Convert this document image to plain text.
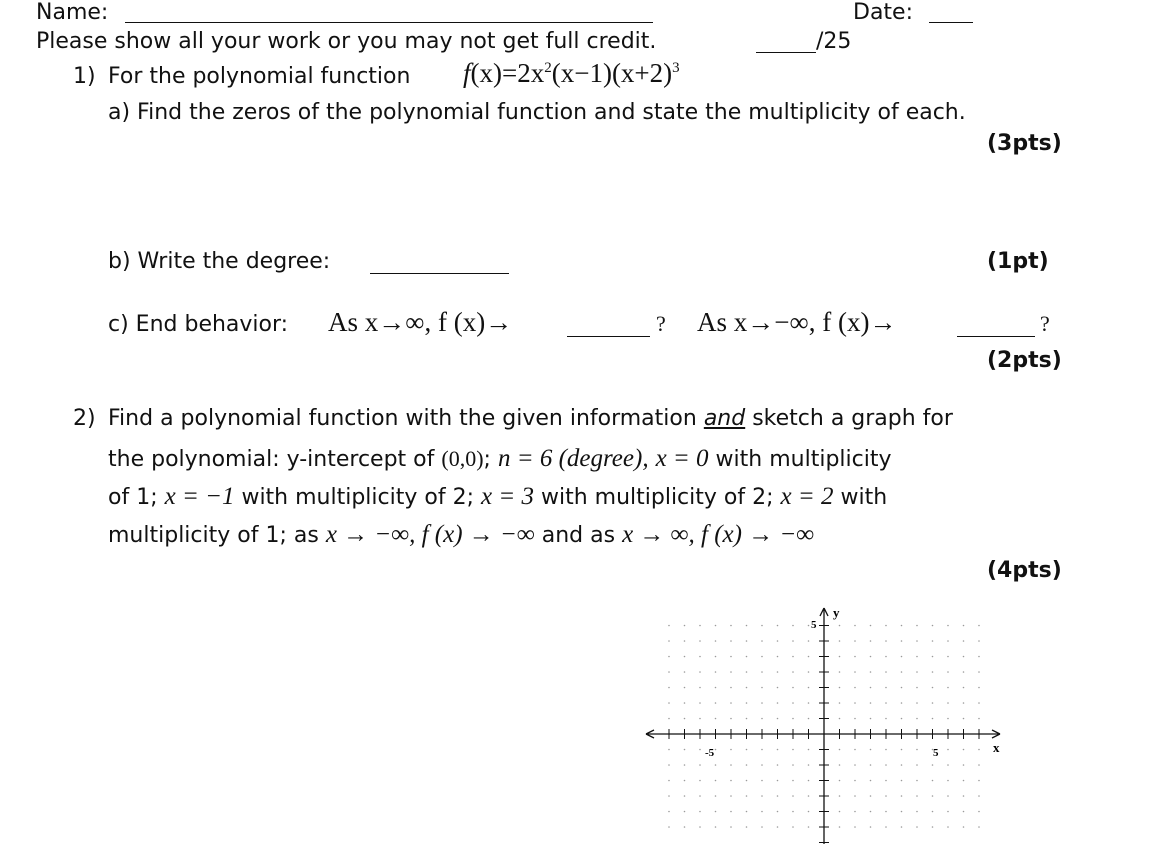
Name:	Date:
Please show all your work or you may not get full credit.	/25
1) For the polynomial function $f(x)=2x^2(x-1)(x+2)^3$
a) Find the zeros of the polynomial function and state the multiplicity of each.
(3pts)
b) Write the degree:	(1pt)
c) End behavior: As x→∞, f (x)→	? As x→−∞, f (x)→	?
(2pts)
2) Find a polynomial function with the given information and sketch a graph for
the polynomial: y-intercept of (0,0); n = 6 (degree), x = 0 with multiplicity
of 1; x = −1 with multiplicity of 2; x = 3 with multiplicity of 2; x = 2 with
multiplicity of 1; as x → −∞, f (x) → −∞ and as x → ∞, f (x) → −∞
(4pts)
y
x
5
-5	5
